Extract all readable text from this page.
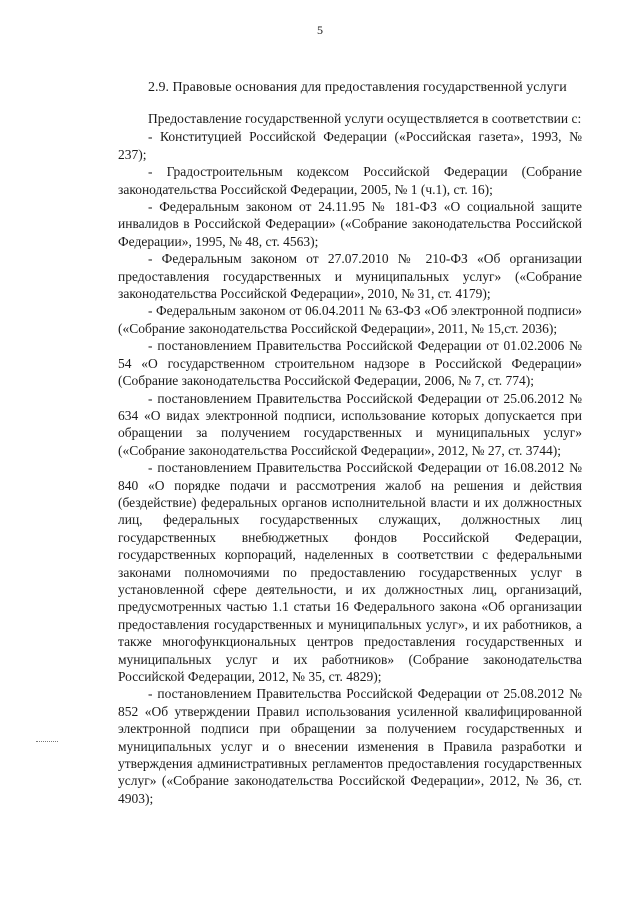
5
2.9. Правовые основания для предоставления государственной услуги

Предоставление государственной услуги осуществляется в соответствии с:

- Конституцией Российской Федерации («Российская газета», 1993, № 237);

- Градостроительным кодексом Российской Федерации (Собрание законодательства Российской Федерации, 2005, № 1 (ч.1), ст. 16);

- Федеральным законом от 24.11.95 № 181-ФЗ «О социальной защите инвалидов в Российской Федерации» («Собрание законодательства Российской Федерации», 1995, № 48, ст. 4563);

- Федеральным законом от 27.07.2010 № 210-ФЗ «Об организации предоставления государственных и муниципальных услуг» («Собрание законодательства Российской Федерации», 2010, № 31, ст. 4179);

- Федеральным законом от 06.04.2011 № 63-ФЗ «Об электронной подписи» («Собрание законодательства Российской Федерации», 2011, № 15,ст. 2036);

- постановлением Правительства Российской Федерации от 01.02.2006 № 54 «О государственном строительном надзоре в Российской Федерации» (Собрание законодательства Российской Федерации, 2006, № 7, ст. 774);

- постановлением Правительства Российской Федерации от 25.06.2012 № 634 «О видах электронной подписи, использование которых допускается при обращении за получением государственных и муниципальных услуг» («Собрание законодательства Российской Федерации», 2012, № 27, ст. 3744);

- постановлением Правительства Российской Федерации от 16.08.2012 № 840 «О порядке подачи и рассмотрения жалоб на решения и действия (бездействие) федеральных органов исполнительной власти и их должностных лиц, федеральных государственных служащих, должностных лиц государственных внебюджетных фондов Российской Федерации, государственных корпораций, наделенных в соответствии с федеральными законами полномочиями по предоставлению государственных услуг в установленной сфере деятельности, и их должностных лиц, организаций, предусмотренных частью 1.1 статьи 16 Федерального закона «Об организации предоставления государственных и муниципальных услуг», и их работников, а также многофункциональных центров предоставления государственных и муниципальных услуг и их работников» (Собрание законодательства Российской Федерации, 2012, № 35, ст. 4829);

- постановлением Правительства Российской Федерации от 25.08.2012 № 852 «Об утверждении Правил использования усиленной квалифицированной электронной подписи при обращении за получением государственных и муниципальных услуг и о внесении изменения в Правила разработки и утверждения административных регламентов предоставления государственных услуг» («Собрание законодательства Российской Федерации», 2012, № 36, ст. 4903);
